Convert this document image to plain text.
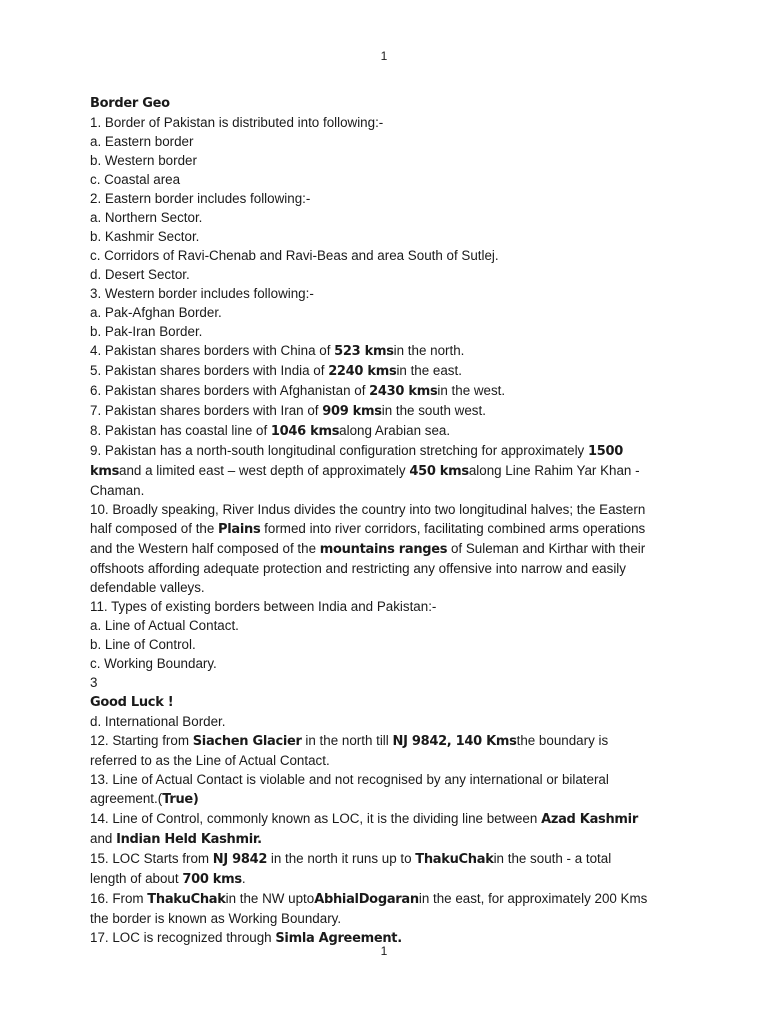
1
Border Geo
1. Border of Pakistan is distributed into following:-
a. Eastern border
b. Western border
c. Coastal area
2. Eastern border includes following:-
a. Northern Sector.
b. Kashmir Sector.
c. Corridors of Ravi-Chenab and Ravi-Beas and area South of Sutlej.
d. Desert Sector.
3. Western border includes following:-
a. Pak-Afghan Border.
b. Pak-Iran Border.
4. Pakistan shares borders with China of 523 kmsin the north.
5. Pakistan shares borders with India of 2240 kmsin the east.
6. Pakistan shares borders with Afghanistan of 2430 kmsin the west.
7. Pakistan shares borders with Iran of 909 kmsin the south west.
8. Pakistan has coastal line of 1046 kmsalong Arabian sea.
9. Pakistan has a north-south longitudinal configuration stretching for approximately 1500 kmsand a limited east – west depth of approximately 450 kmsalong Line Rahim Yar Khan - Chaman.
10. Broadly speaking, River Indus divides the country into two longitudinal halves; the Eastern half composed of the Plains formed into river corridors, facilitating combined arms operations and the Western half composed of the mountains ranges of Suleman and Kirthar with their offshoots affording adequate protection and restricting any offensive into narrow and easily defendable valleys.
11. Types of existing borders between India and Pakistan:-
a. Line of Actual Contact.
b. Line of Control.
c. Working Boundary.
3
Good Luck !
d. International Border.
12. Starting from Siachen Glacier in the north till NJ 9842, 140 Kmsthe boundary is referred to as the Line of Actual Contact.
13. Line of Actual Contact is violable and not recognised by any international or bilateral agreement.(True)
14. Line of Control, commonly known as LOC, it is the dividing line between Azad Kashmir and Indian Held Kashmir.
15. LOC Starts from NJ 9842 in the north it runs up to ThakuChakin the south - a total length of about 700 kms.
16. From ThakuChakin the NW uptoAbhialDogaranin the east, for approximately 200 Kms the border is known as Working Boundary.
17. LOC is recognized through Simla Agreement.
1
